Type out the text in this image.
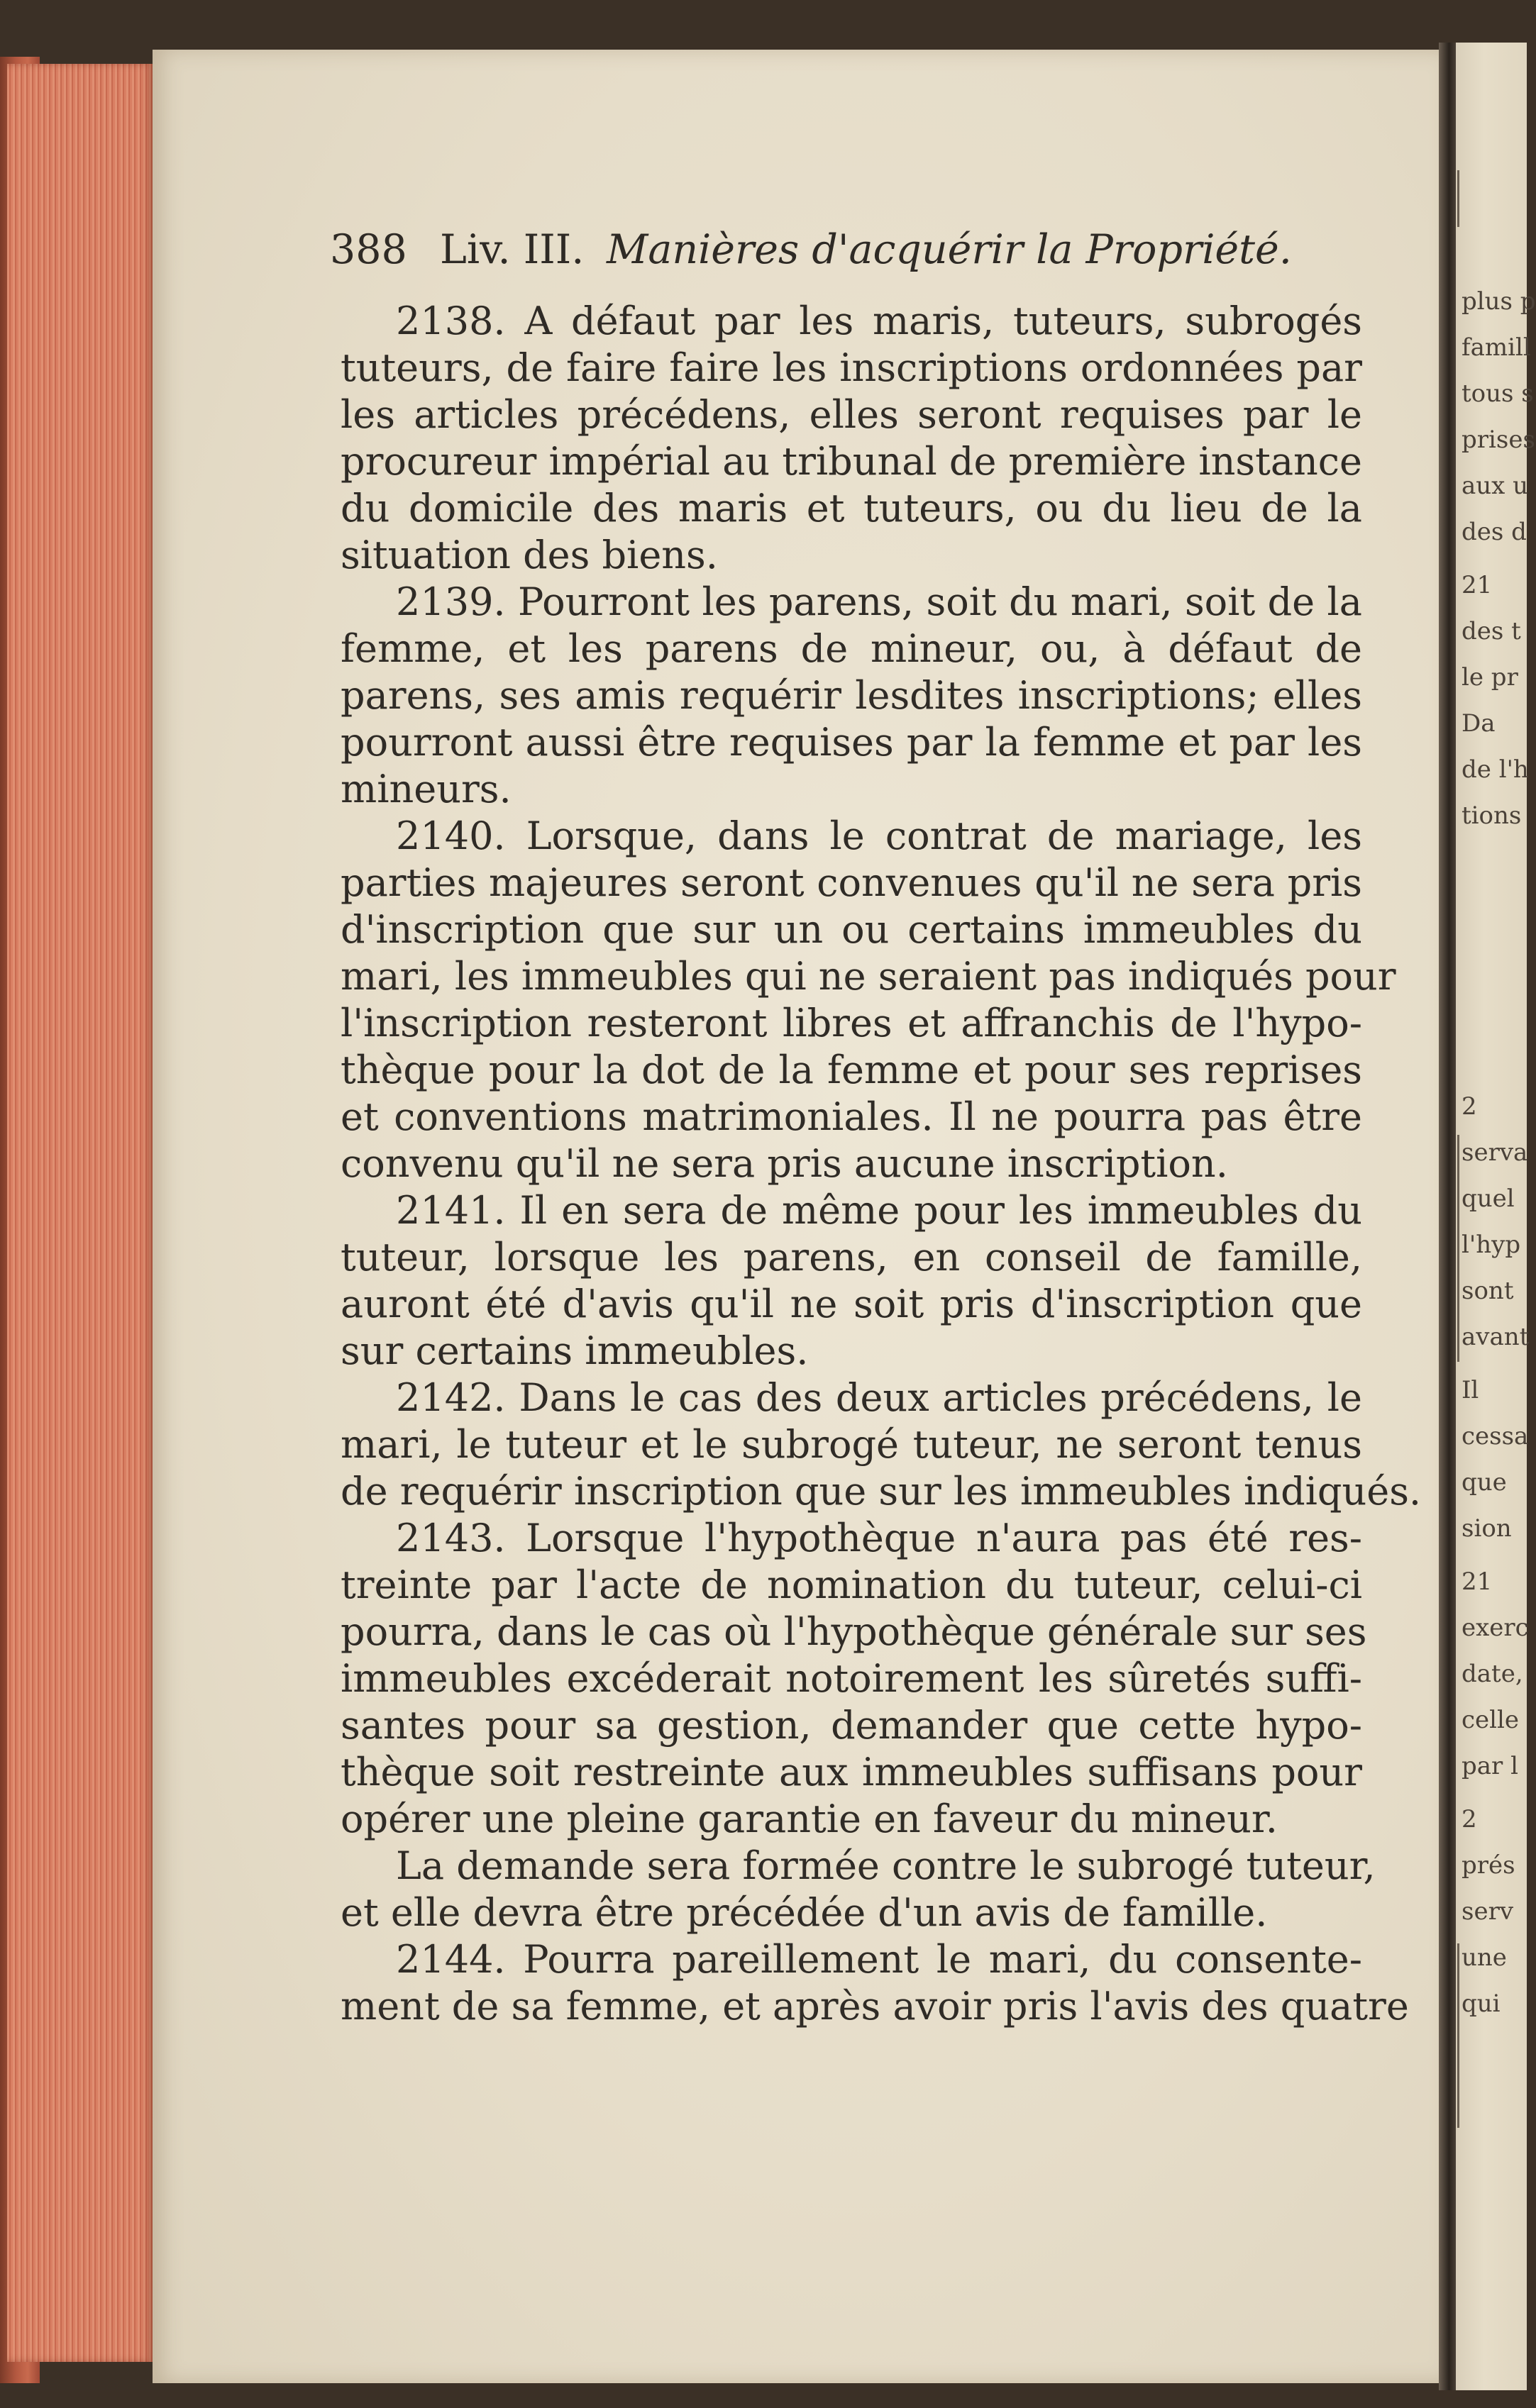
388 Liv. III. Manières d'acquérir la Propriété.
2138. A défaut par les maris, tuteurs, subrogés
tuteurs, de faire faire les inscriptions ordonnées par
les articles précédens, elles seront requises par le
procureur impérial au tribunal de première instance
du domicile des maris et tuteurs, ou du lieu de la
situation des biens.
2139. Pourront les parens, soit du mari, soit de la
femme, et les parens de mineur, ou, à défaut de
parens, ses amis requérir lesdites inscriptions; elles
pourront aussi être requises par la femme et par les
mineurs.
2140. Lorsque, dans le contrat de mariage, les
parties majeures seront convenues qu'il ne sera pris
d'inscription que sur un ou certains immeubles du
mari, les immeubles qui ne seraient pas indiqués pour
l'inscription resteront libres et affranchis de l'hypo-
thèque pour la dot de la femme et pour ses reprises
et conventions matrimoniales. Il ne pourra pas être
convenu qu'il ne sera pris aucune inscription.
2141. Il en sera de même pour les immeubles du
tuteur, lorsque les parens, en conseil de famille,
auront été d'avis qu'il ne soit pris d'inscription que
sur certains immeubles.
2142. Dans le cas des deux articles précédens, le
mari, le tuteur et le subrogé tuteur, ne seront tenus
de requérir inscription que sur les immeubles indiqués.
2143. Lorsque l'hypothèque n'aura pas été res-
treinte par l'acte de nomination du tuteur, celui-ci
pourra, dans le cas où l'hypothèque générale sur ses
immeubles excéderait notoirement les sûretés suffi-
santes pour sa gestion, demander que cette hypo-
thèque soit restreinte aux immeubles suffisans pour
opérer une pleine garantie en faveur du mineur.
La demande sera formée contre le subrogé tuteur,
et elle devra être précédée d'un avis de famille.
2144. Pourra pareillement le mari, du consente-
ment de sa femme, et après avoir pris l'avis des quatre
plus p
famill
tous s
prises
aux u
des d
21
des t
le pr
Da
de l'h
tions
2
serva
quel
l'hyp
sont
avant
Il
cessa
que
sion
21
exerc
date,
celle
par l
2
prés
serv
une
qui
